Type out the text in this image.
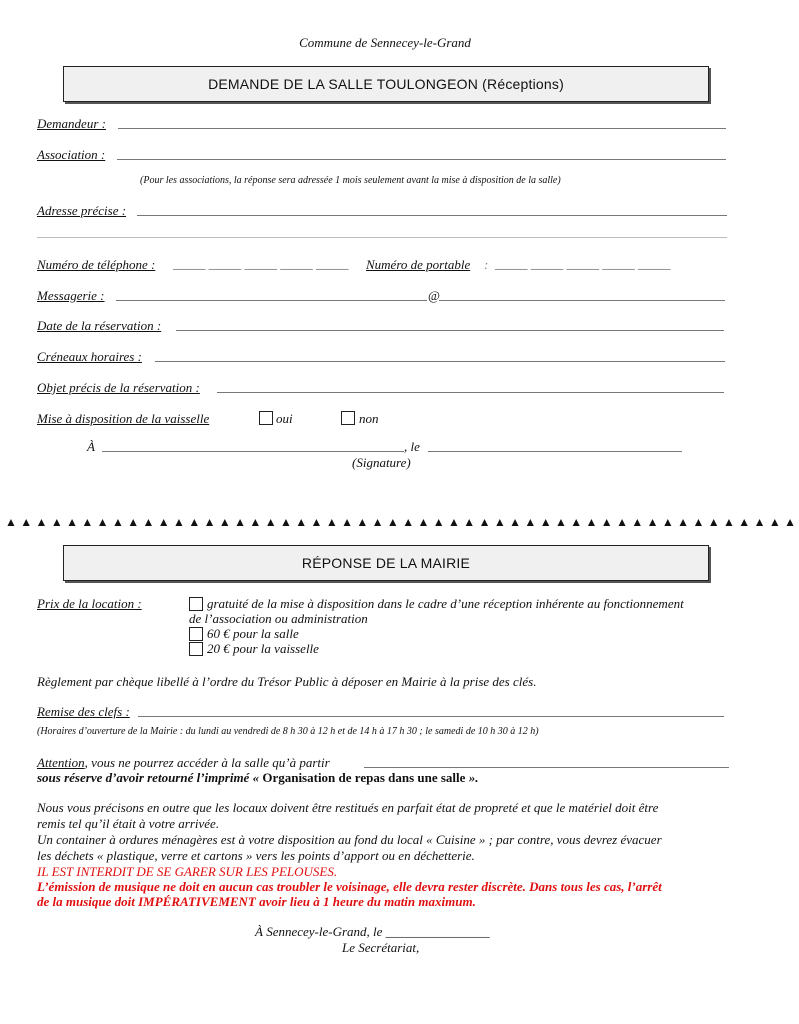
Commune de Sennecey-le-Grand
DEMANDE DE LA SALLE TOULONGEON (Réceptions)
Demandeur :
Association :
(Pour les associations, la réponse sera adressée 1 mois seulement avant la mise à disposition de la salle)
Adresse précise :
Numéro de téléphone : _____ _____ _____ _____ _____ Numéro de portable : _____ _____ _____ _____ _____
Messagerie :	@
Date de la réservation :
Créneaux horaires :
Objet précis de la réservation :
Mise à disposition de la vaisselle	oui	non
À	, le
(Signature)
▲▲▲▲▲▲▲▲▲▲▲▲▲▲▲▲▲▲▲▲▲▲▲▲▲▲▲▲▲▲▲▲▲▲▲▲▲▲▲▲▲▲▲▲▲▲▲▲▲▲▲▲
RÉPONSE DE LA MAIRIE
Prix de la location :	gratuité de la mise à disposition dans le cadre d’une réception inhérente au fonctionnement
de l’association ou administration
60 € pour la salle
20 € pour la vaisselle
Règlement par chèque libellé à l’ordre du Trésor Public à déposer en Mairie à la prise des clés.
Remise des clefs :
(Horaires d’ouverture de la Mairie : du lundi au vendredi de 8 h 30 à 12 h et de 14 h à 17 h 30 ; le samedi de 10 h 30 à 12 h)
Attention, vous ne pourrez accéder à la salle qu’à partir
sous réserve d’avoir retourné l’imprimé « Organisation de repas dans une salle ».
Nous vous précisons en outre que les locaux doivent être restitués en parfait état de propreté et que le matériel doit être
remis tel qu’il était à votre arrivée.
Un container à ordures ménagères est à votre disposition au fond du local « Cuisine » ; par contre, vous devrez évacuer
les déchets « plastique, verre et cartons » vers les points d’apport ou en déchetterie.
IL EST INTERDIT DE SE GARER SUR LES PELOUSES.
L’émission de musique ne doit en aucun cas troubler le voisinage, elle devra rester discrète. Dans tous les cas, l’arrêt
de la musique doit IMPÉRATIVEMENT avoir lieu à 1 heure du matin maximum.
À Sennecey-le-Grand, le ________________
Le Secrétariat,
